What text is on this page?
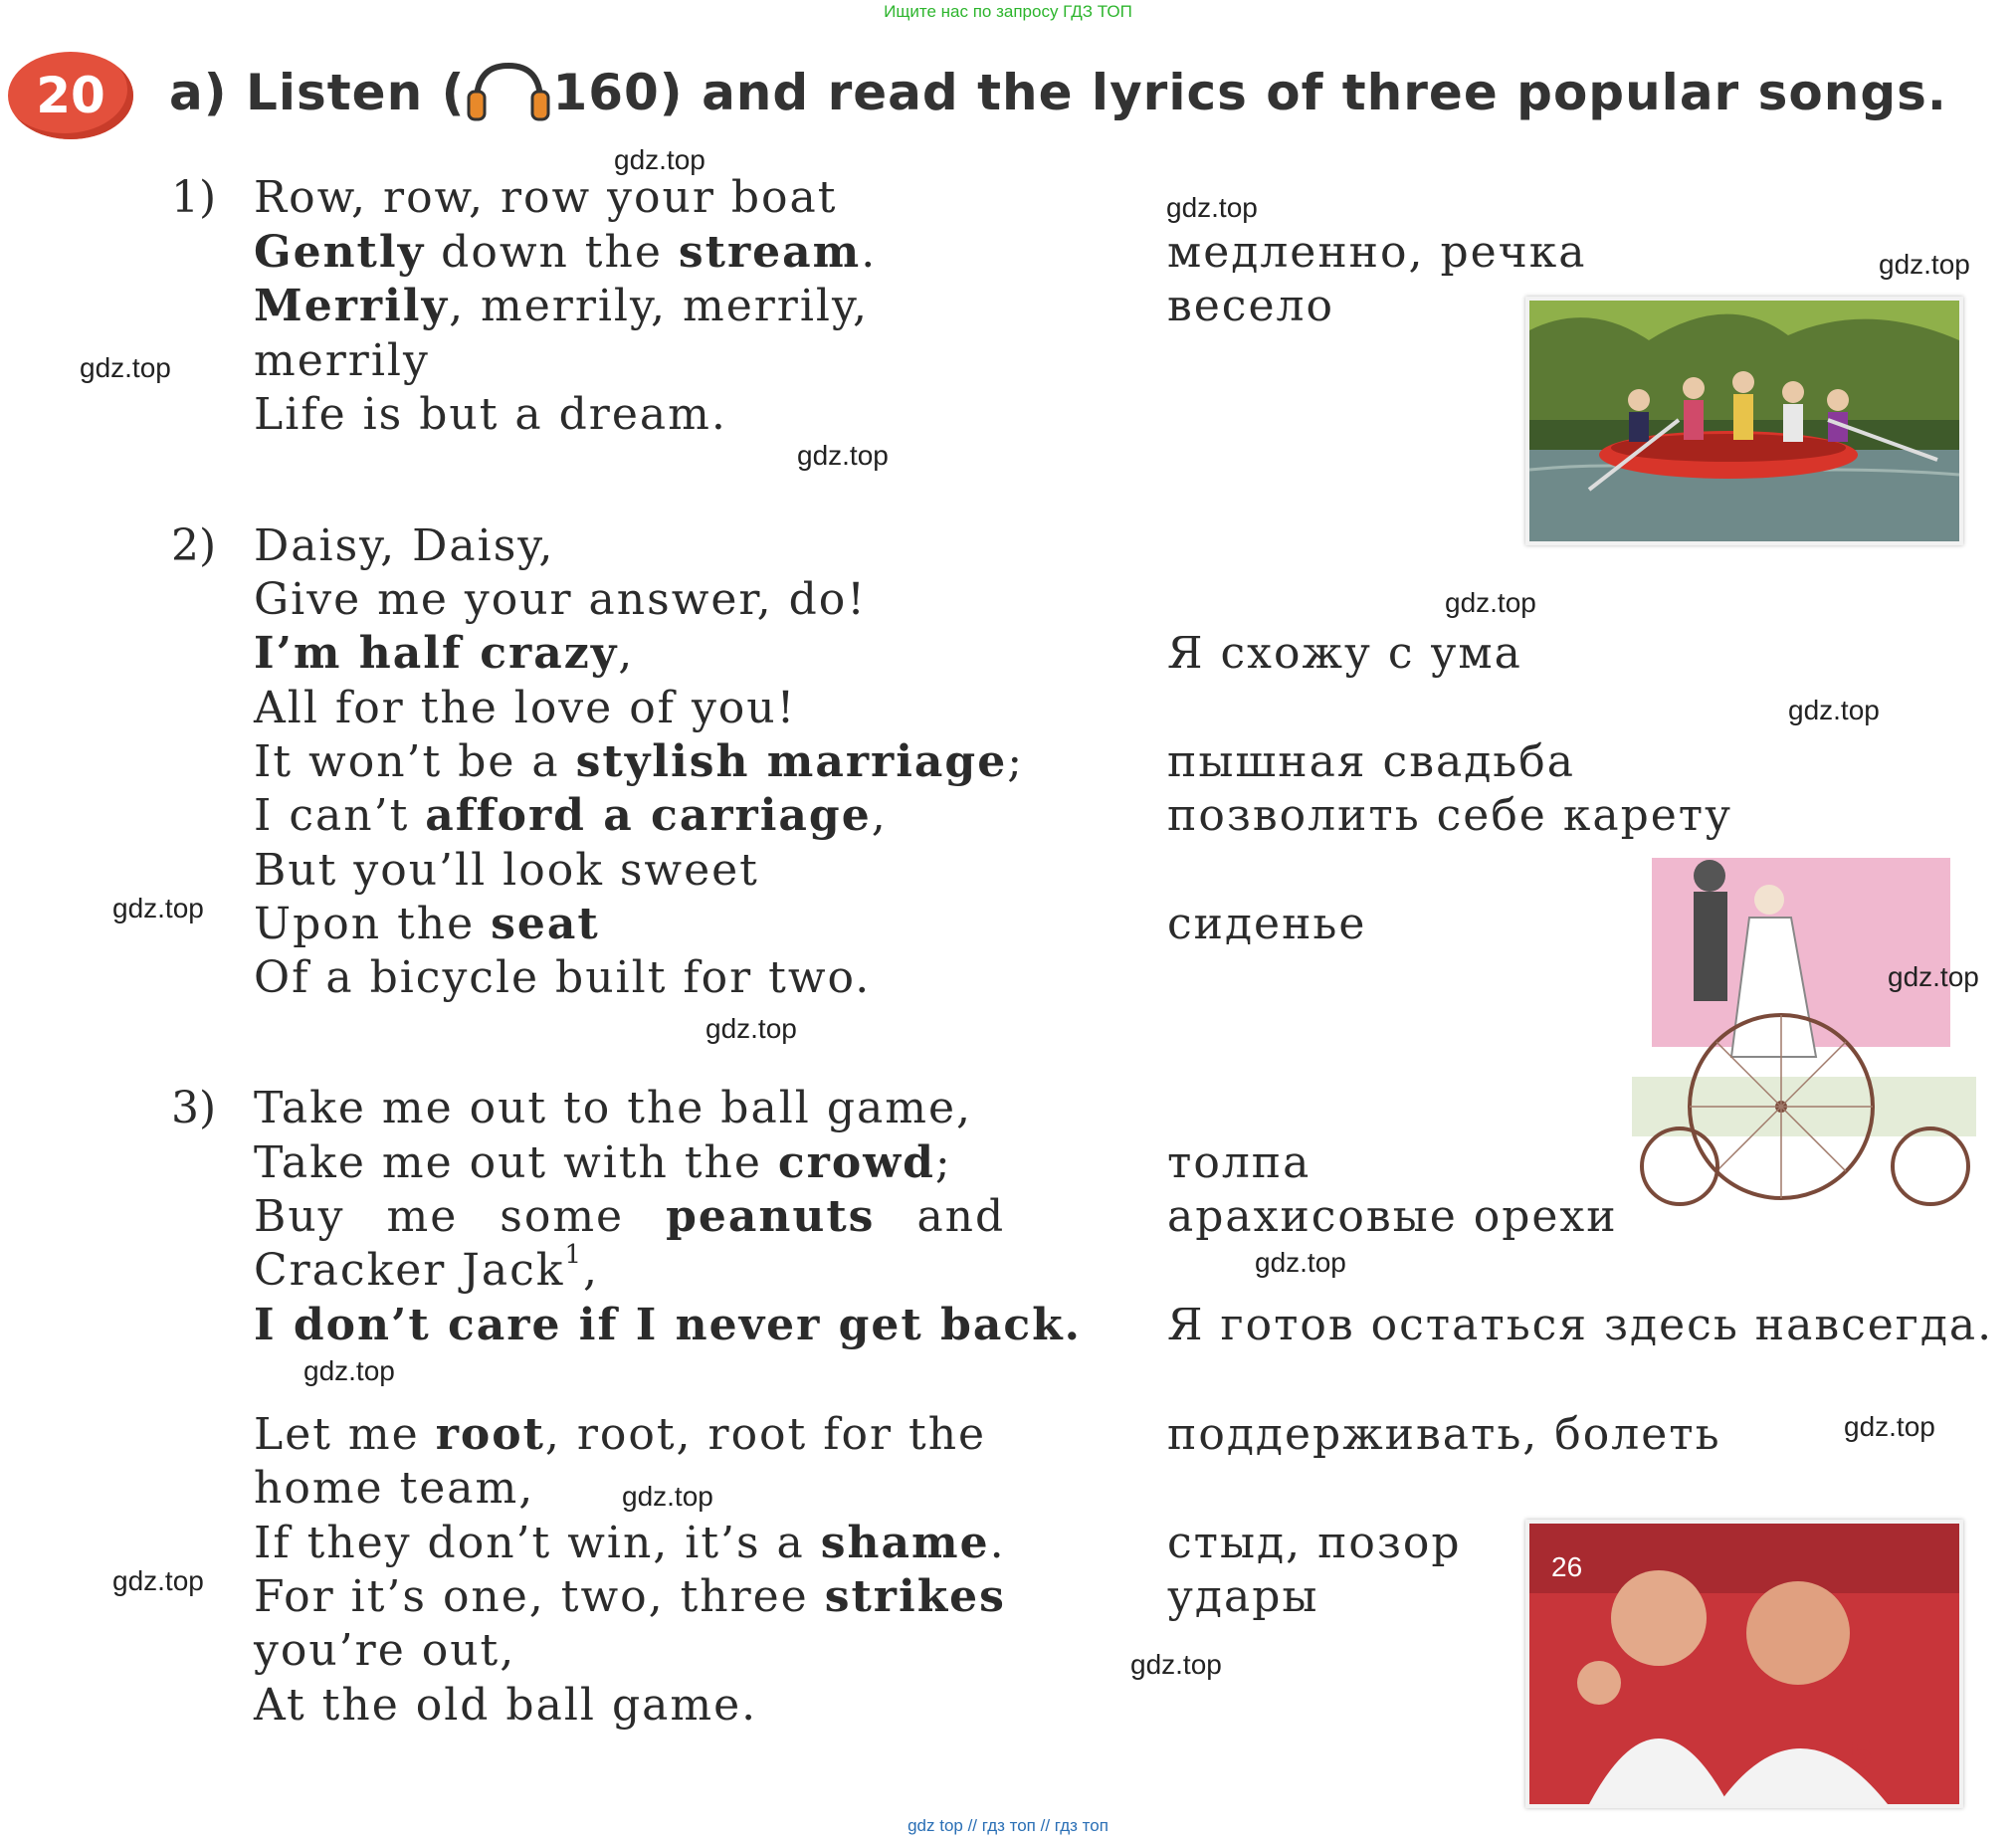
Ищите нас по запросу ГДЗ ТОП
20	a) Listen ( 160) and read the lyrics of three popular songs.
1) Row, row, row your boat
Gently down the stream.
Merrily, merrily, merrily,
merrily
Life is but a dream.
медленно, речка
весело
2) Daisy, Daisy,
Give me your answer, do!
I’m half crazy,
All for the love of you!
It won’t be a stylish marriage;
I can’t afford a carriage,
But you’ll look sweet
Upon the seat
Of a bicycle built for two.
Я схожу с ума
пышная свадьба
позволить себе карету
сиденье
3) Take me out to the ball game,
Take me out with the crowd;
Buy me some peanuts and
Cracker Jack$^1$,
I don’t care if I never get back.
Let me root, root, root for the
home team,
If they don’t win, it’s a shame.
For it’s one, two, three strikes
you’re out,
At the old ball game.
толпа
арахисовые орехи
Я готов остаться здесь навсегда.
поддерживать, болеть
стыд, позор
удары
26
5
gdz.top
gdz.top
gdz.top
gdz.top
gdz.top
gdz.top
gdz.top
gdz.top
gdz.top
gdz.top
gdz.top
gdz.top
gdz.top
gdz.top
gdz.top
gdz.top
gdz top // гдз топ // гдз топ
